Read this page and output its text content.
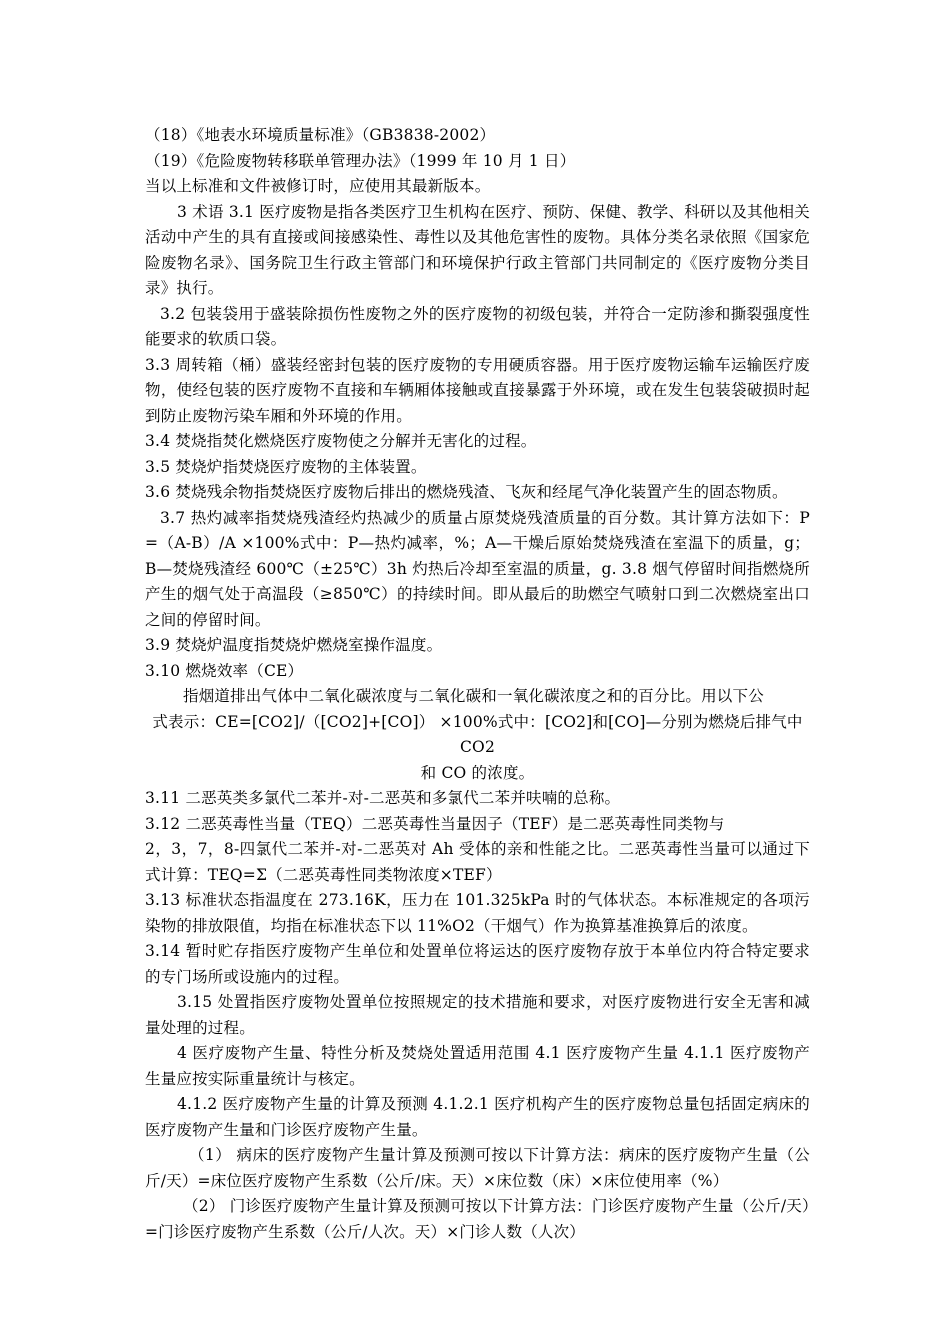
（18）《地表水环境质量标准》（GB3838-2002）

（19）《危险废物转移联单管理办法》（1999 年 10 月 1 日）

当以上标准和文件被修订时，应使用其最新版本。

3 术语 3.1 医疗废物是指各类医疗卫生机构在医疗、预防、保健、教学、科研以及其他相关活动中产生的具有直接或间接感染性、毒性以及其他危害性的废物。具体分类名录依照《国家危险废物名录》、国务院卫生行政主管部门和环境保护行政主管部门共同制定的《医疗废物分类目录》执行。

3.2 包装袋用于盛装除损伤性废物之外的医疗废物的初级包装，并符合一定防渗和撕裂强度性能要求的软质口袋。

3.3 周转箱（桶）盛装经密封包装的医疗废物的专用硬质容器。用于医疗废物运输车运输医疗废物，使经包装的医疗废物不直接和车辆厢体接触或直接暴露于外环境，或在发生包装袋破损时起到防止废物污染车厢和外环境的作用。

3.4 焚烧指焚化燃烧医疗废物使之分解并无害化的过程。

3.5 焚烧炉指焚烧医疗废物的主体装置。

3.6 焚烧残余物指焚烧医疗废物后排出的燃烧残渣、飞灰和经尾气净化装置产生的固态物质。

3.7 热灼减率指焚烧残渣经灼热减少的质量占原焚烧残渣质量的百分数。其计算方法如下：P=（A-B）/A ×100%式中：P—热灼减率，%；A—干燥后原始焚烧残渣在室温下的质量，g；B—焚烧残渣经 600℃（±25℃）3h 灼热后冷却至室温的质量，g. 3.8 烟气停留时间指燃烧所产生的烟气处于高温段（≥850℃）的持续时间。即从最后的助燃空气喷射口到二次燃烧室出口之间的停留时间。

3.9 焚烧炉温度指焚烧炉燃烧室操作温度。

3.10 燃烧效率（CE）

指烟道排出气体中二氧化碳浓度与二氧化碳和一氧化碳浓度之和的百分比。用以下公

式表示：CE=[CO2]/（[CO2]+[CO]） ×100%式中：[CO2]和[CO]—分别为燃烧后排气中 CO2

和 CO 的浓度。

3.11 二恶英类多氯代二苯并-对-二恶英和多氯代二苯并呋喃的总称。

3.12 二恶英毒性当量（TEQ）二恶英毒性当量因子（TEF）是二恶英毒性同类物与

2，3，7，8-四氯代二苯并-对-二恶英对 Ah 受体的亲和性能之比。二恶英毒性当量可以通过下式计算：TEQ=Σ（二恶英毒性同类物浓度×TEF）

3.13 标准状态指温度在 273.16K，压力在 101.325kPa 时的气体状态。本标准规定的各项污染物的排放限值，均指在标准状态下以 11%O2（干烟气）作为换算基准换算后的浓度。

3.14 暂时贮存指医疗废物产生单位和处置单位将运达的医疗废物存放于本单位内符合特定要求的专门场所或设施内的过程。

3.15 处置指医疗废物处置单位按照规定的技术措施和要求，对医疗废物进行安全无害和减量处理的过程。

4 医疗废物产生量、特性分析及焚烧处置适用范围 4.1 医疗废物产生量 4.1.1 医疗废物产生量应按实际重量统计与核定。

4.1.2 医疗废物产生量的计算及预测 4.1.2.1 医疗机构产生的医疗废物总量包括固定病床的医疗废物产生量和门诊医疗废物产生量。

（1） 病床的医疗废物产生量计算及预测可按以下计算方法：病床的医疗废物产生量（公斤/天）=床位医疗废物产生系数（公斤/床。天）×床位数（床）×床位使用率（%）

（2） 门诊医疗废物产生量计算及预测可按以下计算方法：门诊医疗废物产生量（公斤/天）=门诊医疗废物产生系数（公斤/人次。天）×门诊人数（人次）
